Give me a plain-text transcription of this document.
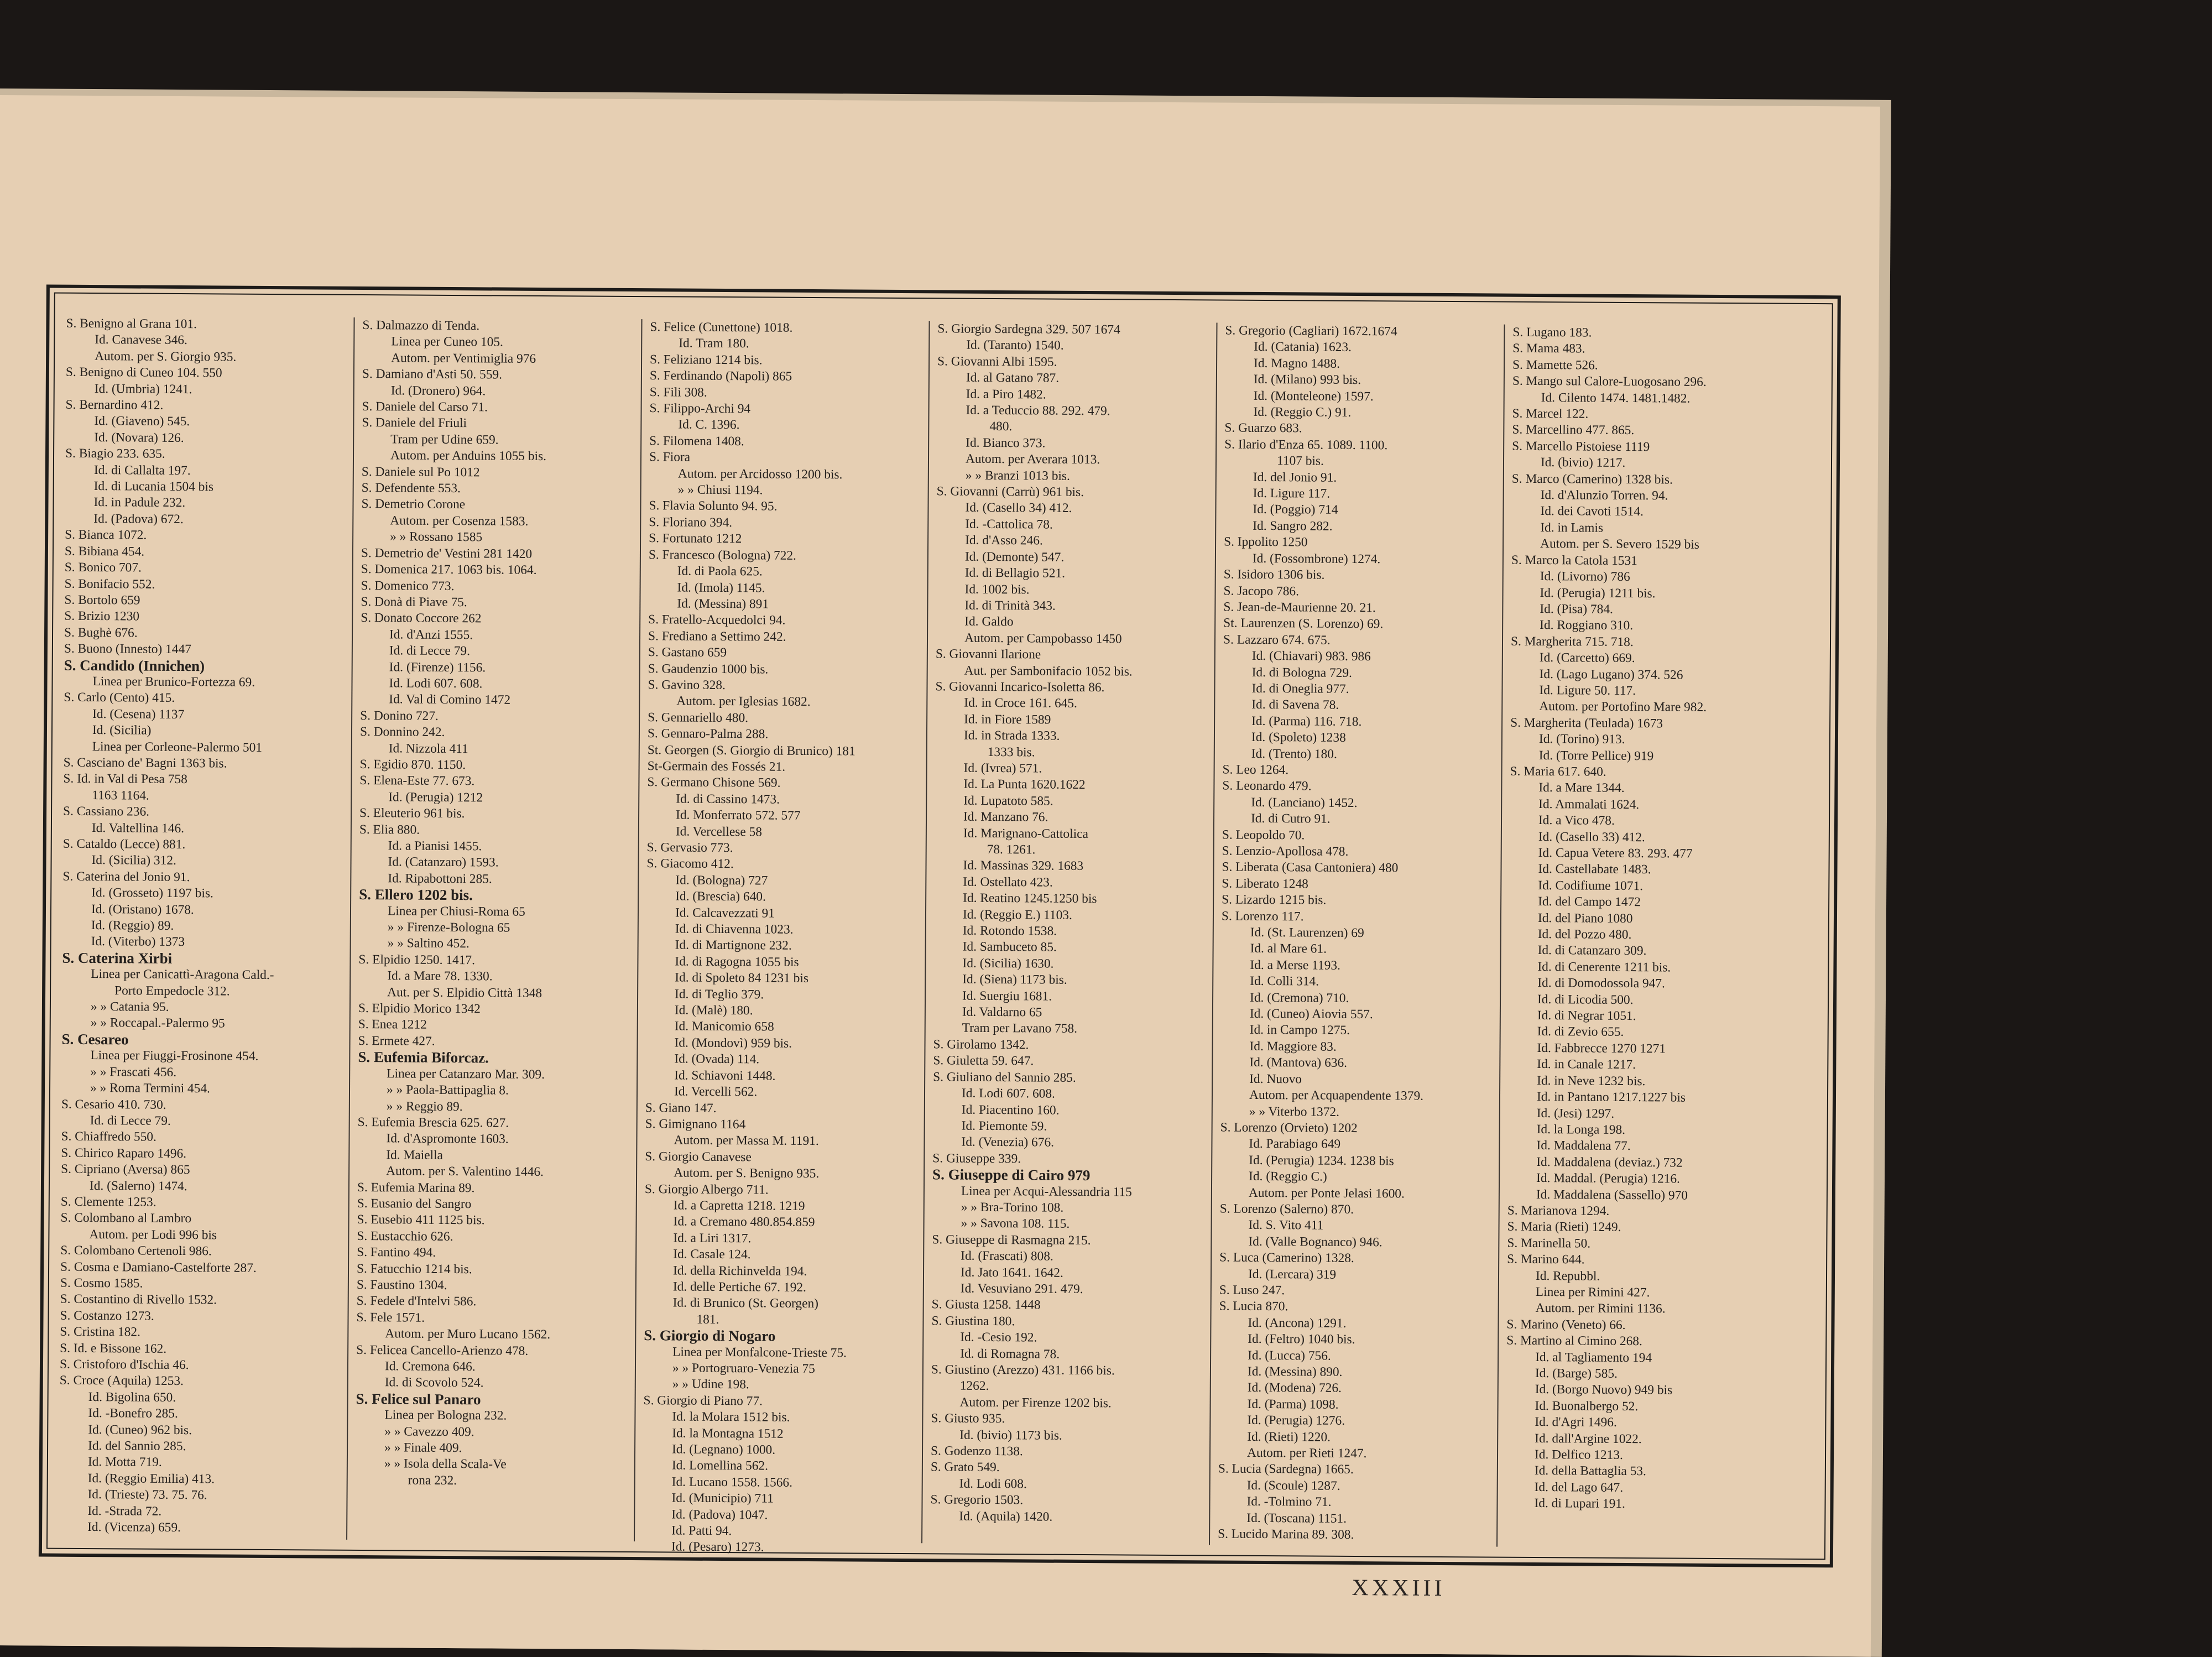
S. Benigno al Grana 101.
Id. Canavese 346.
Autom. per S. Giorgio 935.
S. Benigno di Cuneo 104. 550
Id. (Umbria) 1241.
S. Bernardino 412.
Id. (Giaveno) 545.
Id. (Novara) 126.
S. Biagio 233. 635.
Id. di Callalta 197.
Id. di Lucania 1504 bis
Id. in Padule 232.
Id. (Padova) 672.
S. Bianca 1072.
S. Bibiana 454.
S. Bonico 707.
S. Bonifacio 552.
S. Bortolo 659
S. Brizio 1230
S. Bughè 676.
S. Buono (Innesto) 1447
S. Candido (Innichen)
Linea per Brunico-Fortezza 69.
S. Carlo (Cento) 415.
Id. (Cesena) 1137
Id. (Sicilia)
Linea per Corleone-Palermo 501
S. Casciano de' Bagni 1363 bis.
S. Id. in Val di Pesa 758
1163 1164.
S. Cassiano 236.
Id. Valtellina 146.
S. Cataldo (Lecce) 881.
Id. (Sicilia) 312.
S. Caterina del Jonio 91.
Id. (Grosseto) 1197 bis.
Id. (Oristano) 1678.
Id. (Reggio) 89.
Id. (Viterbo) 1373
S. Caterina Xirbi
Linea per Canicattì-Aragona Cald.-
Porto Empedocle 312.
» » Catania 95.
» » Roccapal.-Palermo 95
S. Cesareo
Linea per Fiuggi-Frosinone 454.
» » Frascati 456.
» » Roma Termini 454.
S. Cesario 410. 730.
Id. di Lecce 79.
S. Chiaffredo 550.
S. Chirico Raparo 1496.
S. Cipriano (Aversa) 865
Id. (Salerno) 1474.
S. Clemente 1253.
S. Colombano al Lambro
Autom. per Lodi 996 bis
S. Colombano Certenoli 986.
S. Cosma e Damiano-Castelforte 287.
S. Cosmo 1585.
S. Costantino di Rivello 1532.
S. Costanzo 1273.
S. Cristina 182.
S. Id. e Bissone 162.
S. Cristoforo d'Ischia 46.
S. Croce (Aquila) 1253.
Id. Bigolina 650.
Id. -Bonefro 285.
Id. (Cuneo) 962 bis.
Id. del Sannio 285.
Id. Motta 719.
Id. (Reggio Emilia) 413.
Id. (Trieste) 73. 75. 76.
Id. -Strada 72.
Id. (Vicenza) 659.
S. Dalmazzo di Tenda.
Linea per Cuneo 105.
Autom. per Ventimiglia 976
S. Damiano d'Asti 50. 559.
Id. (Dronero) 964.
S. Daniele del Carso 71.
S. Daniele del Friuli
Tram per Udine 659.
Autom. per Anduins 1055 bis.
S. Daniele sul Po 1012
S. Defendente 553.
S. Demetrio Corone
Autom. per Cosenza 1583.
» » Rossano 1585
S. Demetrio de' Vestini 281 1420
S. Domenica 217. 1063 bis. 1064.
S. Domenico 773.
S. Donà di Piave 75.
S. Donato Coccore 262
Id. d'Anzi 1555.
Id. di Lecce 79.
Id. (Firenze) 1156.
Id. Lodi 607. 608.
Id. Val di Comino 1472
S. Donino 727.
S. Donnino 242.
Id. Nizzola 411
S. Egidio 870. 1150.
S. Elena-Este 77. 673.
Id. (Perugia) 1212
S. Eleuterio 961 bis.
S. Elia 880.
Id. a Pianisi 1455.
Id. (Catanzaro) 1593.
Id. Ripabottoni 285.
S. Ellero 1202 bis.
Linea per Chiusi-Roma 65
» » Firenze-Bologna 65
» » Saltino 452.
S. Elpidio 1250. 1417.
Id. a Mare 78. 1330.
Aut. per S. Elpidio Città 1348
S. Elpidio Morico 1342
S. Enea 1212
S. Ermete 427.
S. Eufemia Biforcaz.
Linea per Catanzaro Mar. 309.
» » Paola-Battipaglia 8.
» » Reggio 89.
S. Eufemia Brescia 625. 627.
Id. d'Aspromonte 1603.
Id. Maiella
Autom. per S. Valentino 1446.
S. Eufemia Marina 89.
S. Eusanio del Sangro
S. Eusebio 411 1125 bis.
S. Eustacchio 626.
S. Fantino 494.
S. Fatucchio 1214 bis.
S. Faustino 1304.
S. Fedele d'Intelvi 586.
S. Fele 1571.
Autom. per Muro Lucano 1562.
S. Felicea Cancello-Arienzo 478.
Id. Cremona 646.
Id. di Scovolo 524.
S. Felice sul Panaro
Linea per Bologna 232.
» » Cavezzo 409.
» » Finale 409.
» » Isola della Scala-Ve
rona 232.
S. Felice (Cunettone) 1018.
Id. Tram 180.
S. Feliziano 1214 bis.
S. Ferdinando (Napoli) 865
S. Fili 308.
S. Filippo-Archi 94
Id. C. 1396.
S. Filomena 1408.
S. Fiora
Autom. per Arcidosso 1200 bis.
» » Chiusi 1194.
S. Flavia Solunto 94. 95.
S. Floriano 394.
S. Fortunato 1212
S. Francesco (Bologna) 722.
Id. di Paola 625.
Id. (Imola) 1145.
Id. (Messina) 891
S. Fratello-Acquedolci 94.
S. Frediano a Settimo 242.
S. Gastano 659
S. Gaudenzio 1000 bis.
S. Gavino 328.
Autom. per Iglesias 1682.
S. Gennariello 480.
S. Gennaro-Palma 288.
St. Georgen (S. Giorgio di Brunico) 181
St-Germain des Fossés 21.
S. Germano Chisone 569.
Id. di Cassino 1473.
Id. Monferrato 572. 577
Id. Vercellese 58
S. Gervasio 773.
S. Giacomo 412.
Id. (Bologna) 727
Id. (Brescia) 640.
Id. Calcavezzati 91
Id. di Chiavenna 1023.
Id. di Martignone 232.
Id. di Ragogna 1055 bis
Id. di Spoleto 84 1231 bis
Id. di Teglio 379.
Id. (Malè) 180.
Id. Manicomio 658
Id. (Mondovì) 959 bis.
Id. (Ovada) 114.
Id. Schiavoni 1448.
Id. Vercelli 562.
S. Giano 147.
S. Gimignano 1164
Autom. per Massa M. 1191.
S. Giorgio Canavese
Autom. per S. Benigno 935.
S. Giorgio Albergo 711.
Id. a Capretta 1218. 1219
Id. a Cremano 480.854.859
Id. a Liri 1317.
Id. Casale 124.
Id. della Richinvelda 194.
Id. delle Pertiche 67. 192.
Id. di Brunico (St. Georgen)
181.
S. Giorgio di Nogaro
Linea per Monfalcone-Trieste 75.
» » Portogruaro-Venezia 75
» » Udine 198.
S. Giorgio di Piano 77.
Id. la Molara 1512 bis.
Id. la Montagna 1512
Id. (Legnano) 1000.
Id. Lomellina 562.
Id. Lucano 1558. 1566.
Id. (Municipio) 711
Id. (Padova) 1047.
Id. Patti 94.
Id. (Pesaro) 1273.
S. Giorgio Sardegna 329. 507 1674
Id. (Taranto) 1540.
S. Giovanni Albi 1595.
Id. al Gatano 787.
Id. a Piro 1482.
Id. a Teduccio 88. 292. 479.
480.
Id. Bianco 373.
Autom. per Averara 1013.
» » Branzi 1013 bis.
S. Giovanni (Carrù) 961 bis.
Id. (Casello 34) 412.
Id. -Cattolica 78.
Id. d'Asso 246.
Id. (Demonte) 547.
Id. di Bellagio 521.
Id. 1002 bis.
Id. di Trinità 343.
Id. Galdo
Autom. per Campobasso 1450
S. Giovanni Ilarione
Aut. per Sambonifacio 1052 bis.
S. Giovanni Incarico-Isoletta 86.
Id. in Croce 161. 645.
Id. in Fiore 1589
Id. in Strada 1333.
1333 bis.
Id. (Ivrea) 571.
Id. La Punta 1620.1622
Id. Lupatoto 585.
Id. Manzano 76.
Id. Marignano-Cattolica
78. 1261.
Id. Massinas 329. 1683
Id. Ostellato 423.
Id. Reatino 1245.1250 bis
Id. (Reggio E.) 1103.
Id. Rotondo 1538.
Id. Sambuceto 85.
Id. (Sicilia) 1630.
Id. (Siena) 1173 bis.
Id. Suergiu 1681.
Id. Valdarno 65
Tram per Lavano 758.
S. Girolamo 1342.
S. Giuletta 59. 647.
S. Giuliano del Sannio 285.
Id. Lodi 607. 608.
Id. Piacentino 160.
Id. Piemonte 59.
Id. (Venezia) 676.
S. Giuseppe 339.
S. Giuseppe di Cairo 979
Linea per Acqui-Alessandria 115
» » Bra-Torino 108.
» » Savona 108. 115.
S. Giuseppe di Rasmagna 215.
Id. (Frascati) 808.
Id. Jato 1641. 1642.
Id. Vesuviano 291. 479.
S. Giusta 1258. 1448
S. Giustina 180.
Id. -Cesio 192.
Id. di Romagna 78.
S. Giustino (Arezzo) 431. 1166 bis.
1262.
Autom. per Firenze 1202 bis.
S. Giusto 935.
Id. (bivio) 1173 bis.
S. Godenzo 1138.
S. Grato 549.
Id. Lodi 608.
S. Gregorio 1503.
Id. (Aquila) 1420.
S. Gregorio (Cagliari) 1672.1674
Id. (Catania) 1623.
Id. Magno 1488.
Id. (Milano) 993 bis.
Id. (Monteleone) 1597.
Id. (Reggio C.) 91.
S. Guarzo 683.
S. Ilario d'Enza 65. 1089. 1100.
1107 bis.
Id. del Jonio 91.
Id. Ligure 117.
Id. (Poggio) 714
Id. Sangro 282.
S. Ippolito 1250
Id. (Fossombrone) 1274.
S. Isidoro 1306 bis.
S. Jacopo 786.
S. Jean-de-Maurienne 20. 21.
St. Laurenzen (S. Lorenzo) 69.
S. Lazzaro 674. 675.
Id. (Chiavari) 983. 986
Id. di Bologna 729.
Id. di Oneglia 977.
Id. di Savena 78.
Id. (Parma) 116. 718.
Id. (Spoleto) 1238
Id. (Trento) 180.
S. Leo 1264.
S. Leonardo 479.
Id. (Lanciano) 1452.
Id. di Cutro 91.
S. Leopoldo 70.
S. Lenzio-Apollosa 478.
S. Liberata (Casa Cantoniera) 480
S. Liberato 1248
S. Lizardo 1215 bis.
S. Lorenzo 117.
Id. (St. Laurenzen) 69
Id. al Mare 61.
Id. a Merse 1193.
Id. Colli 314.
Id. (Cremona) 710.
Id. (Cuneo) Aiovia 557.
Id. in Campo 1275.
Id. Maggiore 83.
Id. (Mantova) 636.
Id. Nuovo
Autom. per Acquapendente 1379.
» » Viterbo 1372.
S. Lorenzo (Orvieto) 1202
Id. Parabiago 649
Id. (Perugia) 1234. 1238 bis
Id. (Reggio C.)
Autom. per Ponte Jelasi 1600.
S. Lorenzo (Salerno) 870.
Id. S. Vito 411
Id. (Valle Bognanco) 946.
S. Luca (Camerino) 1328.
Id. (Lercara) 319
S. Luso 247.
S. Lucia 870.
Id. (Ancona) 1291.
Id. (Feltro) 1040 bis.
Id. (Lucca) 756.
Id. (Messina) 890.
Id. (Modena) 726.
Id. (Parma) 1098.
Id. (Perugia) 1276.
Id. (Rieti) 1220.
Autom. per Rieti 1247.
S. Lucia (Sardegna) 1665.
Id. (Scoule) 1287.
Id. -Tolmino 71.
Id. (Toscana) 1151.
S. Lucido Marina 89. 308.
S. Lugano 183.
S. Mama 483.
S. Mamette 526.
S. Mango sul Calore-Luogosano 296.
Id. Cilento 1474. 1481.1482.
S. Marcel 122.
S. Marcellino 477. 865.
S. Marcello Pistoiese 1119
Id. (bivio) 1217.
S. Marco (Camerino) 1328 bis.
Id. d'Alunzio Torren. 94.
Id. dei Cavoti 1514.
Id. in Lamis
Autom. per S. Severo 1529 bis
S. Marco la Catola 1531
Id. (Livorno) 786
Id. (Perugia) 1211 bis.
Id. (Pisa) 784.
Id. Roggiano 310.
S. Margherita 715. 718.
Id. (Carcetto) 669.
Id. (Lago Lugano) 374. 526
Id. Ligure 50. 117.
Autom. per Portofino Mare 982.
S. Margherita (Teulada) 1673
Id. (Torino) 913.
Id. (Torre Pellice) 919
S. Maria 617. 640.
Id. a Mare 1344.
Id. Ammalati 1624.
Id. a Vico 478.
Id. (Casello 33) 412.
Id. Capua Vetere 83. 293. 477
Id. Castellabate 1483.
Id. Codifiume 1071.
Id. del Campo 1472
Id. del Piano 1080
Id. del Pozzo 480.
Id. di Catanzaro 309.
Id. di Cenerente 1211 bis.
Id. di Domodossola 947.
Id. di Licodia 500.
Id. di Negrar 1051.
Id. di Zevio 655.
Id. Fabbrecce 1270 1271
Id. in Canale 1217.
Id. in Neve 1232 bis.
Id. in Pantano 1217.1227 bis
Id. (Jesi) 1297.
Id. la Longa 198.
Id. Maddalena 77.
Id. Maddalena (deviaz.) 732
Id. Maddal. (Perugia) 1216.
Id. Maddalena (Sassello) 970
S. Marianova 1294.
S. Maria (Rieti) 1249.
S. Marinella 50.
S. Marino 644.
Id. Repubbl.
Linea per Rimini 427.
Autom. per Rimini 1136.
S. Marino (Veneto) 66.
S. Martino al Cimino 268.
Id. al Tagliamento 194
Id. (Barge) 585.
Id. (Borgo Nuovo) 949 bis
Id. Buonalbergo 52.
Id. d'Agri 1496.
Id. dall'Argine 1022.
Id. Delfico 1213.
Id. della Battaglia 53.
Id. del Lago 647.
Id. di Lupari 191.
XXXIII
